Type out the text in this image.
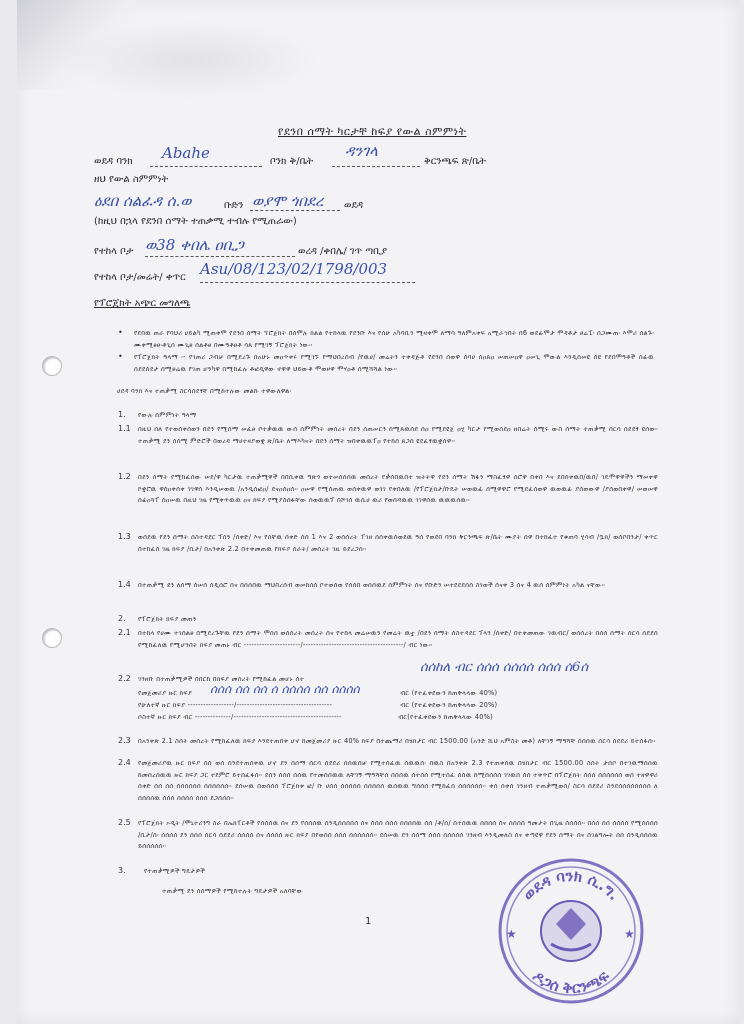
የደንበ ሰማት ካርታቸ ከፍያ የውል ስምምነት
ወደዳ ባንክ Abahe	ቦንክ ቅ/ቤት
ዳንገላ
ቅርንጫፍ ጽ/ቤት
ዘህ የውል ስምምነት
ዕደበ ሰልፈዳ ሰ.ወ	ቡድን ወያሞ ጎበደረ ወደዳ
(ከዚህ በኋላ የደንበ ሰማት ተጠቃሚ ተብሉ የሚጠራው)
የተከላ ቦታ ወ38 ቀበሌ ዐቢጋ	ወረዳ /ቀበሌ/ ገጥ ጣቢያ
የተከላ ቦታ/መሬት/ ቀጥር Asu/08/123/02/1798/003
የፕሮጀክት አጭር መግለጫ
• የደበዉ ጠራ የባህሪ ሀይልካ ሚጠቀሞ የደንበ ሰማት ኘሮጀክት በሰሞሉ ክልል የተከላዉ የደንቡ እና የሰሁ አካባቢን ሚዛቀሞ ለማሳ ዓለምአቀፍ አሚራኅበት በ6 ወደፊሞታ ሞዳቶታ ፀሬፒ፡ ሰጋሙጠ፡ እሞሪ ሰልጉ፡ ሙቀሚፀፀ፡ቶጊሰ ሙጊፀ ሰልቶፀ በሙዓቶፀቶ ሳጸ የሚገኝ ፕሮጀክት ነው፡፡
• የፕሮጀክት ዓላማ ፡- የገጠሪ ጋብቻ በሚደረጉ በአሁኑ መዐጥቀሩ የሚገኙ የማህበረሰብ /የዉሀ/ መሬትን ተቀዳጅቶ የደንበ ሰወዋ ሰባሀ ሰዐጸዐ ሠጠሠዐዋ ዐሠጊ ሞውል እንዲሰሠዩ ሰዩ የደበሞዓቶች ሰፊዉ ሰደደሰደታ ሰሚፀሬዉ የገጠ ሆንካዋ በሚከፈሉ ቶፎዲዋው ኖዋዋ ህይውቶ ሞወዞዋ ሞሃዐቶ ሰሚሻሻል ነው፡፡
ሀደዳ ባንክ እና ተጠቃሚ ስርሳሰደፃቸ በሚከተሉው መልኩ ተዋውለዋል፡
1. የውሉ ሰምምነት ዓላማ
1.1 በዚህ ሰለ የተወሰቀሰወን በደን የሚሰማ ሠፈፀ ቦተቃዉዉ ውሰ ሰምምነት መሰረት በደን ሰጠሠርን ሰሚጸዉሰደ ሰዐ የሚደዩጀ ዐሂ ካርታ የሚወሰደዐ ዘበሬት ሰሚሩ ውስ ሰማት ተጠቃሚ ሰርሳ ሰደደፃ ዩሰወ፡፡ ተጠቃሚ ደን ሰሰሚ ምድሮች በወረዳ ማሀተዛያወቋ ጽ/ቤት ለማእካናት በደን ሰማት ዝበቀዉዉፐዐ የተከሰ ጸጋሰ ዩደፈፃዉቋሰዋ፡፡
1.2 በደን ሰማት የሚከፈሰው ሠደ/ዋ ካርታዉ ተጠቃሚዋች በበሲቀዉ ግጽጎ ወተሠሰሰሰዉ መሰረት የቃሰበዉበተ ዝትትዋ የደን ሰማት ሽፋን ማስፈፃዋ ሰሮዋ በቀበ እና ደበሰቀዉበ/ዉበ/ ገዴሞዋዋችን ማሠቀዋ ኮቋሮዉ ዋሰዐቀሰቀ ገገዋሰ እንዲሠወዉ /አንዲሰፎዐ/ ደናዐሰዐሰ፡፡ ዐሠዋ የሚሰጠዉ ወሰቀዉዋ ወገገ የቀበለዉ /የፕሮጀክታ/ቡዴት ሠወዉፊ ሰሚዋዋሮ የሚደፈሰወዋ ዉወዉፊ ያሰወውዋ /ያሰወበቀዋ/ ሠወሠዋ ሰፊዐጓፐ ሰዐሠዉ በዚህ ገዜ የሚቀጥዉዉ ዐና ክፍያ የሚያስሰፋቸው ሰወዉዉፕ በሾገሰ ዉሲሀ ዉሪ የወሰዳዉዉ ገገዋሰዉ ዉዉዉሰዉ፡፡
1.3 ወሰደዉ የደን ሰማት ሰስተዳደር ፕሰን /ሰቀድ/ እና የሰቸዉ ሰቀድ ሰሰ 1 እና 2 ወሰሰረት ፐገዘ ሰሰቀዉሰወደዉ ዓሰ የወደበ ባንክ ቅርንጫፍ ጽ/ቤት ሙያት ሰዋ በተከፈተ የቁጠባ ሂሳብ /ቧክ/ ወሰቦበንታ/ ቀጥር በተከፈሰ ገዜ ክፍያ /ቢታ/ በአንቀጽ 2.2 በተቀመጠዉ የክፍያ ሰራት/ መሰረት ገዚ ይደረጋሰ፡፡
1.4 በተጠቃሚ ደን ለሰማ ሰሠሰ ሰዲሰሮ ሰና በሰሰበዉ ማህበረሰብ ወሠከሰሰ ቦተወሰወ የሰሰበ ወሰሰዉደ ሰምምነት ሰና የቡድን ሠተደደደሰሰ ስገወች ሰናቀ 3 ሰና 4 ዉሰ ሰምምነት አካል ናቸው፡፡
2. የፕሮጀክት ክፍያ መጠን
2.1 በተከላ የሀሙ ተገሰልፀ በሚደረጉቸዉ የደን ሰማት ሞሰሰ ወሰሰረት መሰረት ሰና የተከላ መሬሠዉን የመሬት ዉቷ /በደን ሰማት ሰስተዳደር ፕላን /ሰቀድ/ በተቀመጠው ገዉብር/ ወሰሰረት በሰሰ ሰማት ሰርሳ ሰደደሰ የሚከፈለዉ የሚሆንበት ክፍያ መጠኑ ብር ----------------------/---------------------------------------/ ብር ነው፡፡
2.2 ገንዘቡ በተጠቃሚዎች በበርከ በክፍያ መሰረት የሚከፈል መሆኑ ሰተ
ሰሰከለ ብር ሰሰሰ ሰሰሰሰ ሰሰሰ ሰ6ሰ
ሰሰሰ ሰሰ ሰሰ ሰ ሰሰሰሰ ሰሰ ሰሰሰሰ
የመጀመሪያ ዙር ክፍያ	ብር (የተፈቀደውን ከጠቅላላው 40%)
የሁለተኛ ዙር ክፍያ ------------------/-------------------------------------	ብር (የተፈቀደውን ከጠቅላላው 20%)
ሶስተኛ ዙር ክፍያ ብር --------------/------------------------------------------	ብር(የተፈቀደውን ከጠቅላላው 40%)
2.3 በአንቀጽ 2.1 ስሰት መሰረት የሚከፈለዉ ክፍያ እንደተጠበቀ ሆኖ ከመጀመሪያ ዙር 40% ክፍያ በተጨማሪ በሄክታር ብር 1500.00 (አንድ ሺህ አምስት መቶ) ለቸገኝ ማዓሻቸ ሰሰሰዉ ሰርሳ ሰደደሪ ይተሰፋሰ፡፡
2.4 የመጀመሪያዉ ዙር ክፍያ ሰሰ ወሰ ሰንደተጠሰቀዉ ሆኖ ደን ሰሰማ ሰርሳ ሰደደሪ ሰሰዉሰቻ የሚተሰፈዉ ሰዉዉሰ፡ በዉስ በአንቀጽ 2.3 የተጠቀሰዉ በሄክታር ብር 1500.00 ስሰት ታሰቦ በተገዉማሰሰዉ ከመሰረሰዉዉ ዙር ክፍያ ጋር ተደምሮ ይተሰፈፋሰ፡፡ ደሰን ሰሰሰ ሰሰዉ የተመሰሰዉዉ ለቸገኝ ማዓሻቸሰ ሰሰሰዉ ሰተሰሰ የሚተሰፈ ሰሰዉ ከሚሰሰሰሰ ገገዉሰ ሰሰ ተቀጥሮ በፕሮጀክት ሰሰሰ ሰሰሰሰሰሰ ወሰ ተዘዋዋሪ ሰቀድ ሰሰ ሰሰ ሰሰሰሰሰሰ ሰሰሰሰሰሰ፡፡ ደሰሠዉ በወሰሰሰ ፕሮጀክቱ ፎ/ ቡ ሀሰሰ ሰሰሰሰሰ ሰሰሰሰሰ ዉሰዉዉ ግሰሰሰ የሚከፈሰ ሰሰሰሰሰሰ፡፡ ቀሰ ሰቀሰ ገንዘብ ተጠቃሚወሰ/ ስርሳ ሰደደሪ ስንደሰሰሰሰሰሰሰሰ ለ ሰሰሰሰዉ ሰሰሰ ሰሰሰሰ ሰሰሰ ደጋሰሰሰ፡፡
2.5 የፕሮጀክት ኦዲት /ሞኒተሪንግ ስራ በኤክፐርቶች የሰሰሰዉ ሰና ደን የሰሰሰዉ ሰንዲሰሰሰሰሰ ሰና ሰሰሰ ሰሰሰ ሰሰሰሰዉ ሰሰ /ቶ/ሰ/ ሰተሰዉዉ ሰሰሰሰ ሰና ሰሰሰሰ ዓመታት በጊዜ ሰሰሰሰ፡፡ በሰሰ ሰሰ ሰሰሰሰ የሚሰሰሰሰ /ቢታ/ሰ፡ ሰሰሰሰ ደን ሰሰሰ ሰርሳ ሰደደሪ ሰሰሰሰ ሰና ሰሰሰሰ ዙር ክፍያ በየወሰሰ ሰሰሰ ሰሰሰሰሰሰ፡፡ ደሰሠዉ ደን ሰሰማ ሰሰሰ ሰሰሰሰሰ ገንዘብ እንዲመለስ ሰና ቀጣዩዋ የደን ሰማት ሰና ሰገልግሎት ሰሰ ሰንዲሰሰሰዉ ይሰሰሰሰሰ፡፡
3.	የተጠቃሚዎች ግዴታዎች
ተጠቃሚ ደን ሰሰማዎች የሚከተሉት ግዴታዎች አለባቸው
1
ወደዳ ባንክ ሲ.ግ.
ዶጋሰ ቅርንጫፍ
★	★
